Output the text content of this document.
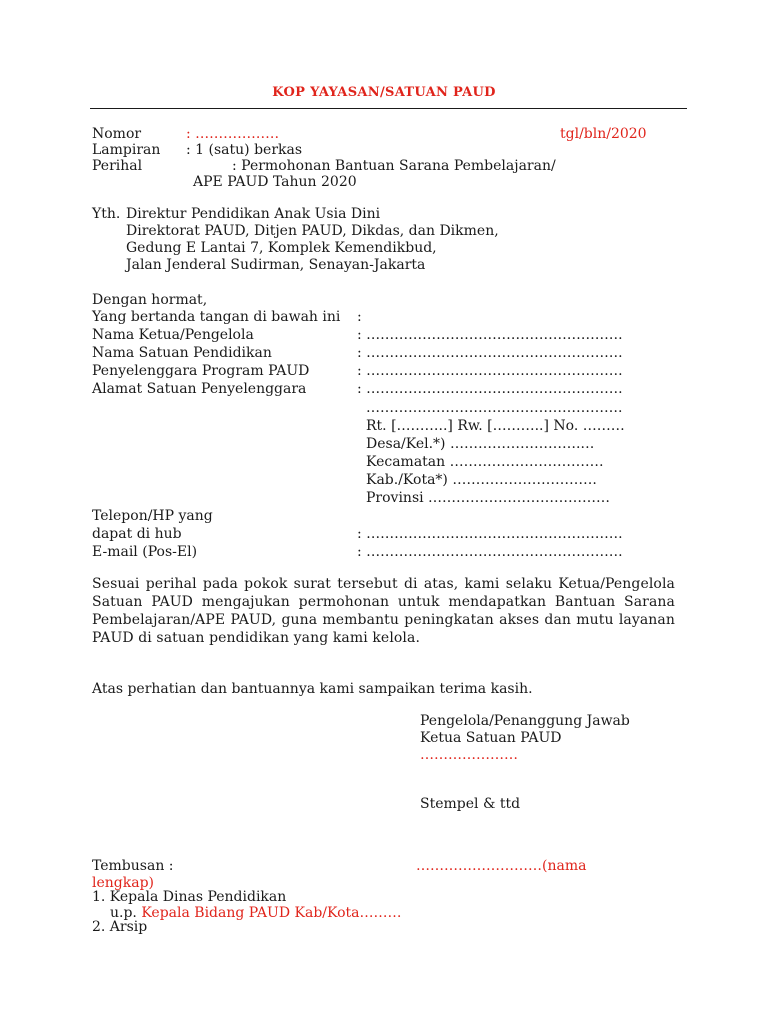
KOP YAYASAN/SATUAN PAUD
Nomor	: ………………	tgl/bln/2020
Lampiran : 1 (satu) berkas
Perihal	: Permohonan Bantuan Sarana Pembelajaran/
APE PAUD Tahun 2020
Yth. Direktur Pendidikan Anak Usia Dini
Direktorat PAUD, Ditjen PAUD, Dikdas, dan Dikmen,
Gedung E Lantai 7, Komplek Kemendikbud,
Jalan Jenderal Sudirman, Senayan-Jakarta
Dengan hormat,
Yang bertanda tangan di bawah ini :
Nama Ketua/Pengelola	: ……………………………………………….
Nama Satuan Pendidikan	: ……………………………………………….
Penyelenggara Program PAUD	: ……………………………………………….
Alamat Satuan Penyelenggara	: ……………………………………………….
……………………………………………….
Rt. [………..] Rw. [………..] No. ………
Desa/Kel.*) ……………………….…
Kecamatan ……………………………
Kab./Kota*) ………………………….
Provinsi …………………………………
Telepon/HP yang
dapat di hub	: ……………………………………………….
E-mail (Pos-El)	: ……………………………………………….
Sesuai perihal pada pokok surat tersebut di atas, kami selaku Ketua/Pengelola Satuan PAUD mengajukan permohonan untuk mendapatkan Bantuan Sarana Pembelajaran/APE PAUD, guna membantu peningkatan akses dan mutu layanan PAUD di satuan pendidikan yang kami kelola.
Atas perhatian dan bantuannya kami sampaikan terima kasih.
Pengelola/Penanggung Jawab
Ketua Satuan PAUD
…………………
Stempel & ttd
Tembusan :	………………………(nama
lengkap)
1. Kepala Dinas Pendidikan
u.p. Kepala Bidang PAUD Kab/Kota………
2. Arsip
